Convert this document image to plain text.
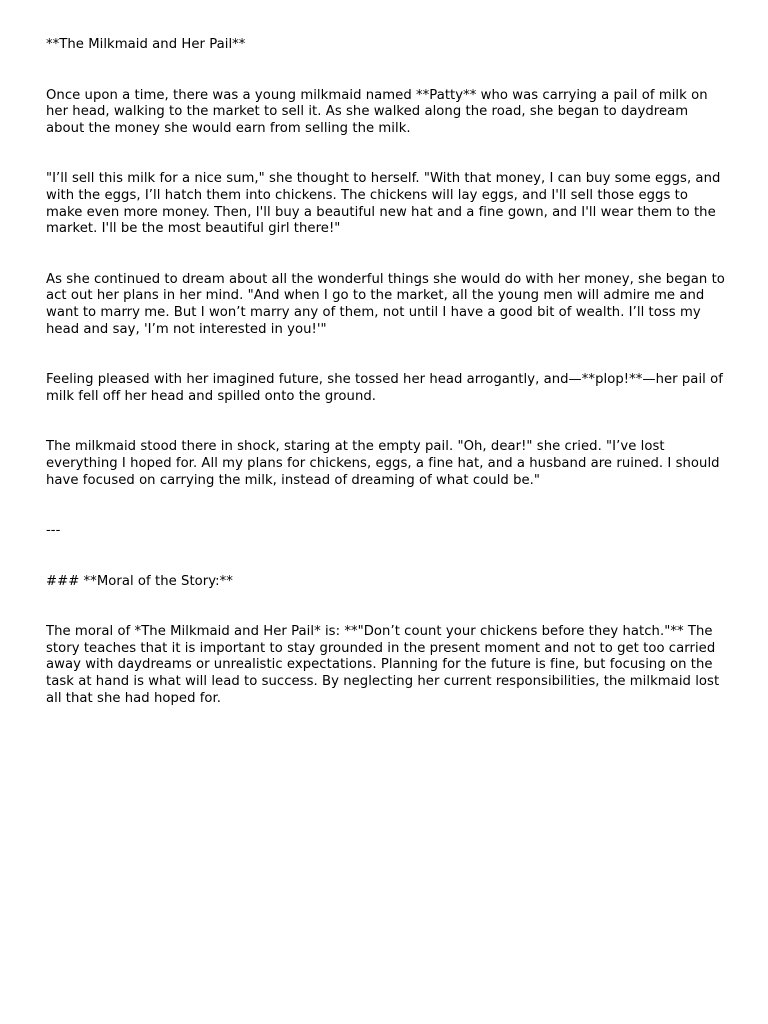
**The Milkmaid and Her Pail**

Once upon a time, there was a young milkmaid named **Patty** who was carrying a pail of milk on her head, walking to the market to sell it. As she walked along the road, she began to daydream about the money she would earn from selling the milk.

"I’ll sell this milk for a nice sum," she thought to herself. "With that money, I can buy some eggs, and with the eggs, I’ll hatch them into chickens. The chickens will lay eggs, and I'll sell those eggs to make even more money. Then, I'll buy a beautiful new hat and a fine gown, and I'll wear them to the market. I'll be the most beautiful girl there!"

As she continued to dream about all the wonderful things she would do with her money, she began to act out her plans in her mind. "And when I go to the market, all the young men will admire me and want to marry me. But I won’t marry any of them, not until I have a good bit of wealth. I’ll toss my head and say, 'I’m not interested in you!'"

Feeling pleased with her imagined future, she tossed her head arrogantly, and—**plop!**—her pail of milk fell off her head and spilled onto the ground.

The milkmaid stood there in shock, staring at the empty pail. "Oh, dear!" she cried. "I’ve lost everything I hoped for. All my plans for chickens, eggs, a fine hat, and a husband are ruined. I should have focused on carrying the milk, instead of dreaming of what could be."

---

### **Moral of the Story:**

The moral of *The Milkmaid and Her Pail* is: **"Don’t count your chickens before they hatch."** The story teaches that it is important to stay grounded in the present moment and not to get too carried away with daydreams or unrealistic expectations. Planning for the future is fine, but focusing on the task at hand is what will lead to success. By neglecting her current responsibilities, the milkmaid lost all that she had hoped for.
